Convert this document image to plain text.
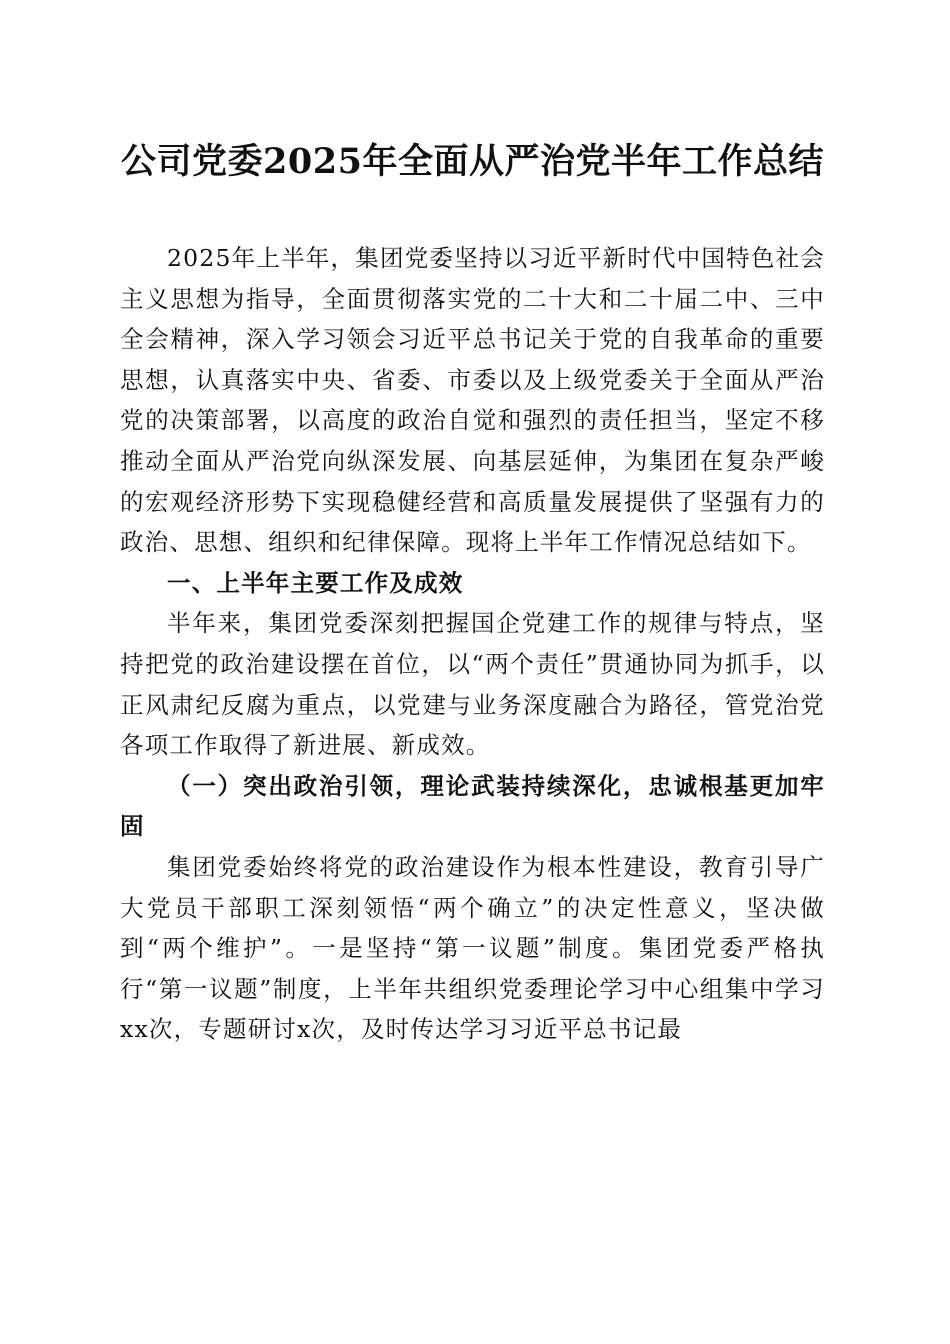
公司党委2025年全面从严治党半年工作总结

2025年上半年，集团党委坚持以习近平新时代中国特色社会主义思想为指导，全面贯彻落实党的二十大和二十届二中、三中全会精神，深入学习领会习近平总书记关于党的自我革命的重要思想，认真落实中央、省委、市委以及上级党委关于全面从严治党的决策部署，以高度的政治自觉和强烈的责任担当，坚定不移推动全面从严治党向纵深发展、向基层延伸，为集团在复杂严峻的宏观经济形势下实现稳健经营和高质量发展提供了坚强有力的政治、思想、组织和纪律保障。现将上半年工作情况总结如下。

一、上半年主要工作及成效

半年来，集团党委深刻把握国企党建工作的规律与特点，坚持把党的政治建设摆在首位，以“两个责任”贯通协同为抓手，以正风肃纪反腐为重点，以党建与业务深度融合为路径，管党治党各项工作取得了新进展、新成效。

（一）突出政治引领，理论武装持续深化，忠诚根基更加牢固

集团党委始终将党的政治建设作为根本性建设，教育引导广大党员干部职工深刻领悟“两个确立”的决定性意义，坚决做到“两个维护”。一是坚持“第一议题”制度。集团党委严格执行“第一议题”制度，上半年共组织党委理论学习中心组集中学习xx次，专题研讨x次，及时传达学习习近平总书记最
